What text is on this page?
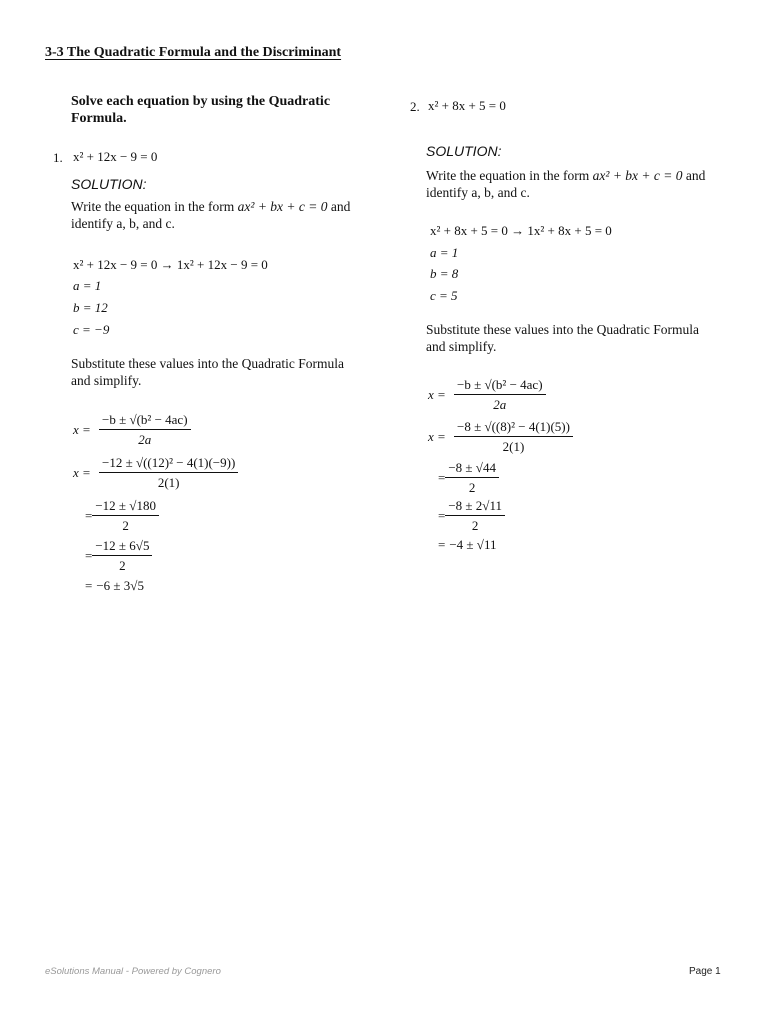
3-3 The Quadratic Formula and the Discriminant
Solve each equation by using the Quadratic Formula.
1. x² + 12x − 9 = 0
SOLUTION:
Write the equation in the form ax² + bx + c = 0 and identify a, b, and c.
x² + 12x − 9 = 0 → 1x² + 12x − 9 = 0
a = 1
b = 12
c = −9
Substitute these values into the Quadratic Formula and simplify.
$x = \frac{\text{−b ± √(b² − 4ac)}}{2a}$
$x = \frac{\text{−12 ± √((12)² − 4(1)(−9))}}{2(1)}$
= $\frac{-12 \pm √180}{2}$
= $\frac{-12 \pm 6√5}{2}$
= −6 ± 3√5
2. x² + 8x + 5 = 0
SOLUTION:
Write the equation in the form ax² + bx + c = 0 and identify a, b, and c.
x² + 8x + 5 = 0 → 1x² + 8x + 5 = 0
a = 1
b = 8
c = 5
Substitute these values into the Quadratic Formula and simplify.
$x = \frac{\text{−b ± √(b² − 4ac)}}{2a}$
$x = \frac{\text{−8 ± √((8)² − 4(1)(5))}}{2(1)}$
= $\frac{-8 \pm √44}{2}$
= $\frac{-8 \pm 2√11}{2}$
= −4 ± √11
eSolutions Manual - Powered by Cognero	Page 1
